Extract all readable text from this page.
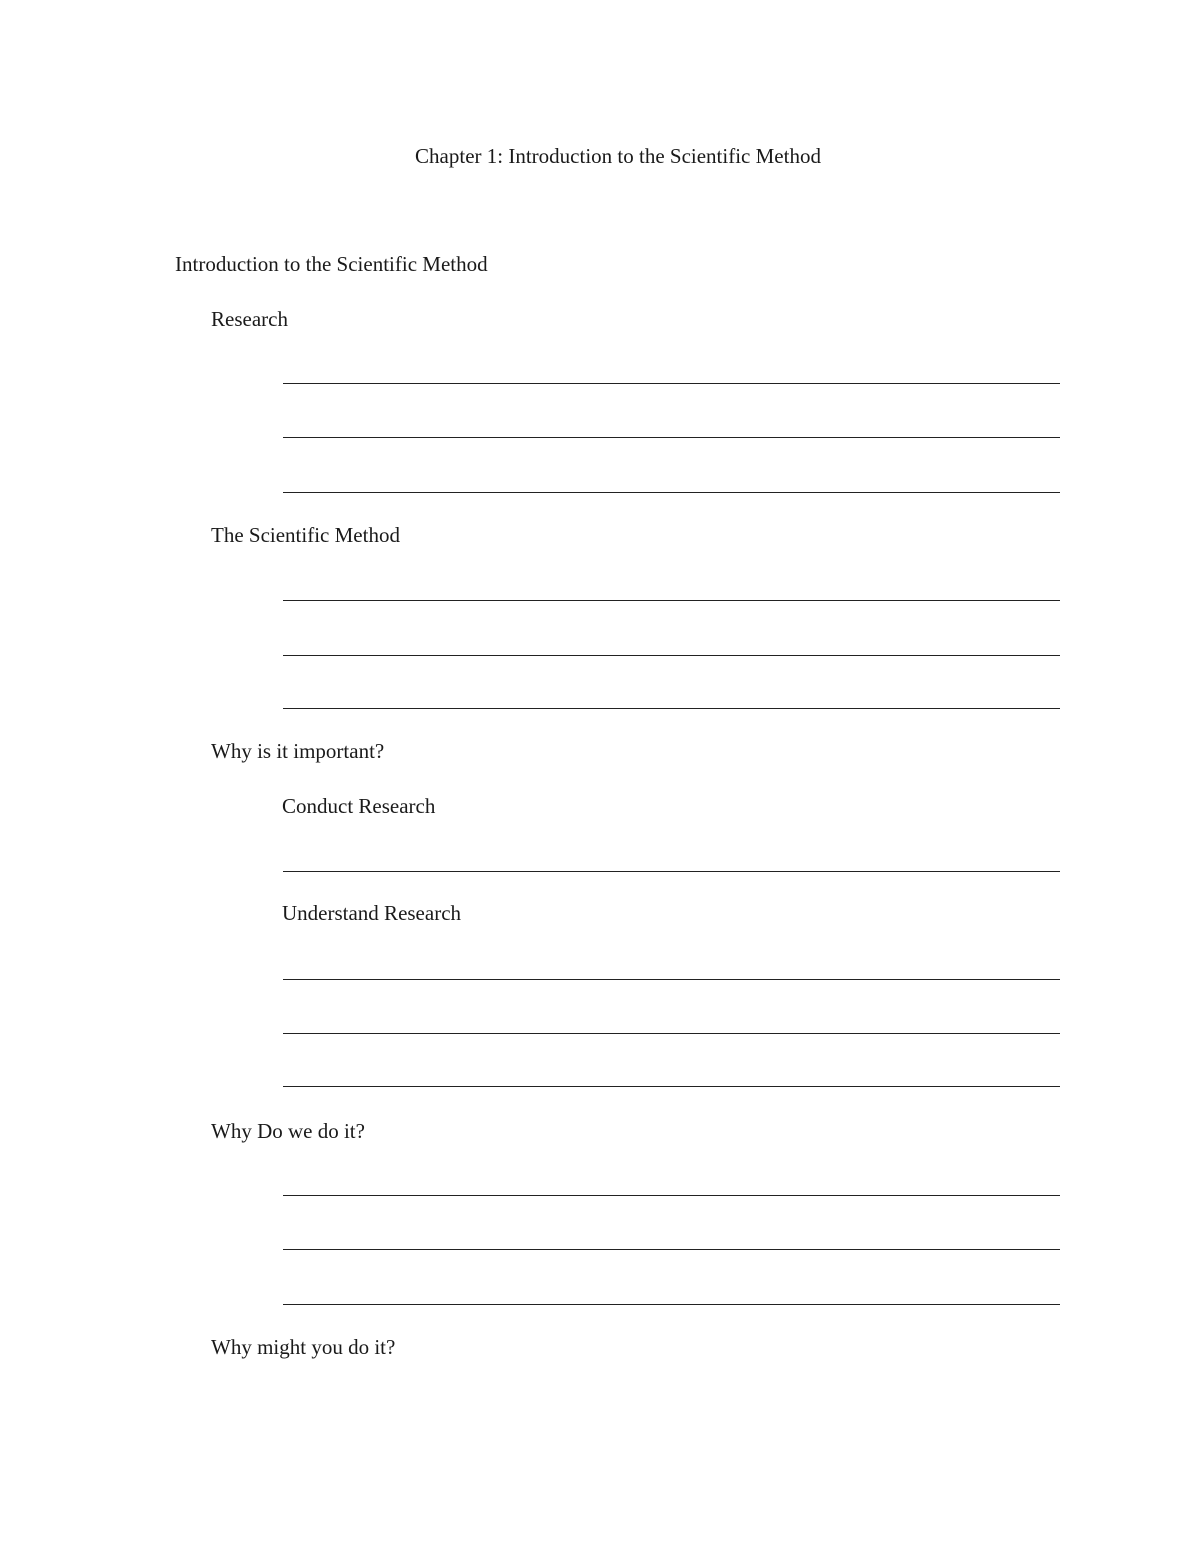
Chapter 1: Introduction to the Scientific Method
Introduction to the Scientific Method
Research
The Scientific Method
Why is it important?
Conduct Research
Understand Research
Why Do we do it?
Why might you do it?
